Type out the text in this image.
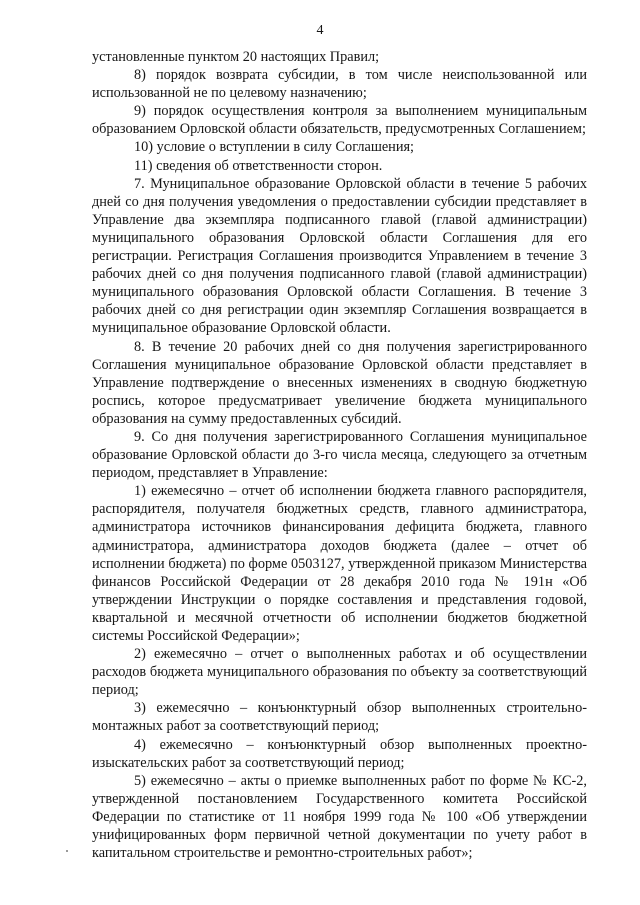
4

установленные пунктом 20 настоящих Правил;

8) порядок возврата субсидии, в том числе неиспользованной или использованной не по целевому назначению;

9) порядок осуществления контроля за выполнением муниципальным образованием Орловской области обязательств, предусмотренных Соглашением;

10) условие о вступлении в силу Соглашения;

11) сведения об ответственности сторон.

7. Муниципальное образование Орловской области в течение 5 рабочих дней со дня получения уведомления о предоставлении субсидии представляет в Управление два экземпляра подписанного главой (главой администрации) муниципального образования Орловской области Соглашения для его регистрации. Регистрация Соглашения производится Управлением в течение 3 рабочих дней со дня получения подписанного главой (главой администрации) муниципального образования Орловской области Соглашения. В течение 3 рабочих дней со дня регистрации один экземпляр Соглашения возвращается в муниципальное образование Орловской области.

8. В течение 20 рабочих дней со дня получения зарегистрированного Соглашения муниципальное образование Орловской области представляет в Управление подтверждение о внесенных изменениях в сводную бюджетную роспись, которое предусматривает увеличение бюджета муниципального образования на сумму предоставленных субсидий.

9. Со дня получения зарегистрированного Соглашения муниципальное образование Орловской области до 3-го числа месяца, следующего за отчетным периодом, представляет в Управление:

1) ежемесячно – отчет об исполнении бюджета главного распорядителя, распорядителя, получателя бюджетных средств, главного администратора, администратора источников финансирования дефицита бюджета, главного администратора, администратора доходов бюджета (далее – отчет об исполнении бюджета) по форме 0503127, утвержденной приказом Министерства финансов Российской Федерации от 28 декабря 2010 года № 191н «Об утверждении Инструкции о порядке составления и представления годовой, квартальной и месячной отчетности об исполнении бюджетов бюджетной системы Российской Федерации»;

2) ежемесячно – отчет о выполненных работах и об осуществлении расходов бюджета муниципального образования по объекту за соответствующий период;

3) ежемесячно – конъюнктурный обзор выполненных строительно-монтажных работ за соответствующий период;

4) ежемесячно – конъюнктурный обзор выполненных проектно-изыскательских работ за соответствующий период;

5) ежемесячно – акты о приемке выполненных работ по форме № КС-2, утвержденной постановлением Государственного комитета Российской Федерации по статистике от 11 ноября 1999 года № 100 «Об утверждении унифицированных форм первичной четной документации по учету работ в капитальном строительстве и ремонтно-строительных работ»;
